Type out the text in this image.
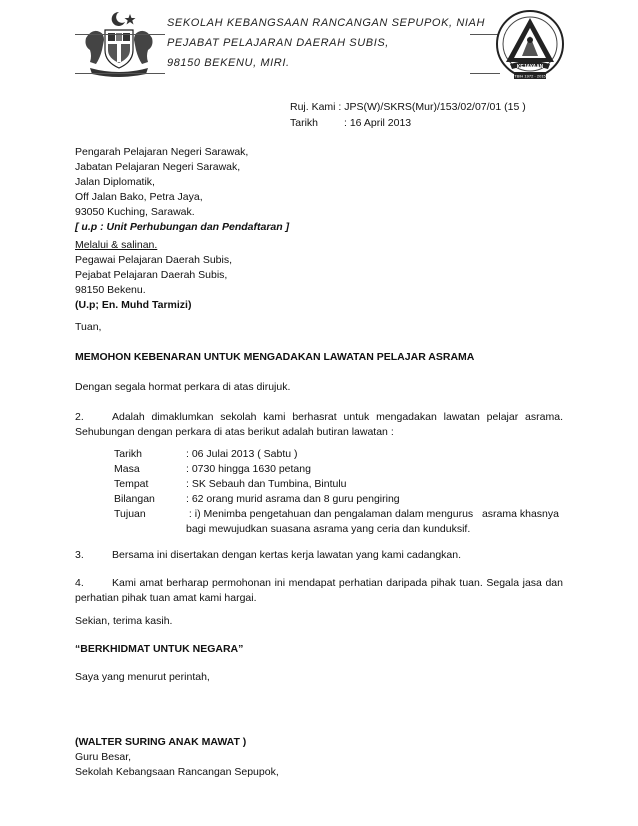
SEKOLAH KEBANGSAAN RANCANGAN SEPUPOK, NIAH
PEJABAT PELAJARAN DAERAH SUBIS,
98150 BEKENU, MIRI.	KEJAYAAN
TBIH 1972 · 2015
Ruj. Kami : JPS(W)/SKRS(Mur)/153/02/07/01 (15 )
Tarikh : 16 April 2013
Pengarah Pelajaran Negeri Sarawak,
Jabatan Pelajaran Negeri Sarawak,
Jalan Diplomatik,
Off Jalan Bako, Petra Jaya,
93050 Kuching, Sarawak.
[ u.p : Unit Perhubungan dan Pendaftaran ]
Melalui & salinan.
Pegawai Pelajaran Daerah Subis,
Pejabat Pelajaran Daerah Subis,
98150 Bekenu.
(U.p; En. Muhd Tarmizi)
Tuan,
MEMOHON KEBENARAN UNTUK MENGADAKAN LAWATAN PELAJAR ASRAMA
Dengan segala hormat perkara di atas dirujuk.
2.	Adalah dimaklumkan sekolah kami berhasrat untuk mengadakan lawatan pelajar asrama.
Sehubungan dengan perkara di atas berikut adalah butiran lawatan :
Tarikh	: 06 Julai 2013 ( Sabtu )
Masa	: 0730 hingga 1630 petang
Tempat	: SK Sebauh dan Tumbina, Bintulu
Bilangan	: 62 orang murid asrama dan 8 guru pengiring
Tujuan	: i) Menimba pengetahuan dan pengalaman dalam mengurus   asrama khasnya
bagi mewujudkan suasana asrama yang ceria dan kunduksif.
3.	Bersama ini disertakan dengan kertas kerja lawatan yang kami cadangkan.
4.	Kami amat berharap permohonan ini mendapat perhatian daripada pihak tuan. Segala jasa dan
perhatian pihak tuan amat kami hargai.
Sekian, terima kasih.
“BERKHIDMAT UNTUK NEGARA”
Saya yang menurut perintah,
(WALTER SURING ANAK MAWAT )
Guru Besar,
Sekolah Kebangsaan Rancangan Sepupok,
